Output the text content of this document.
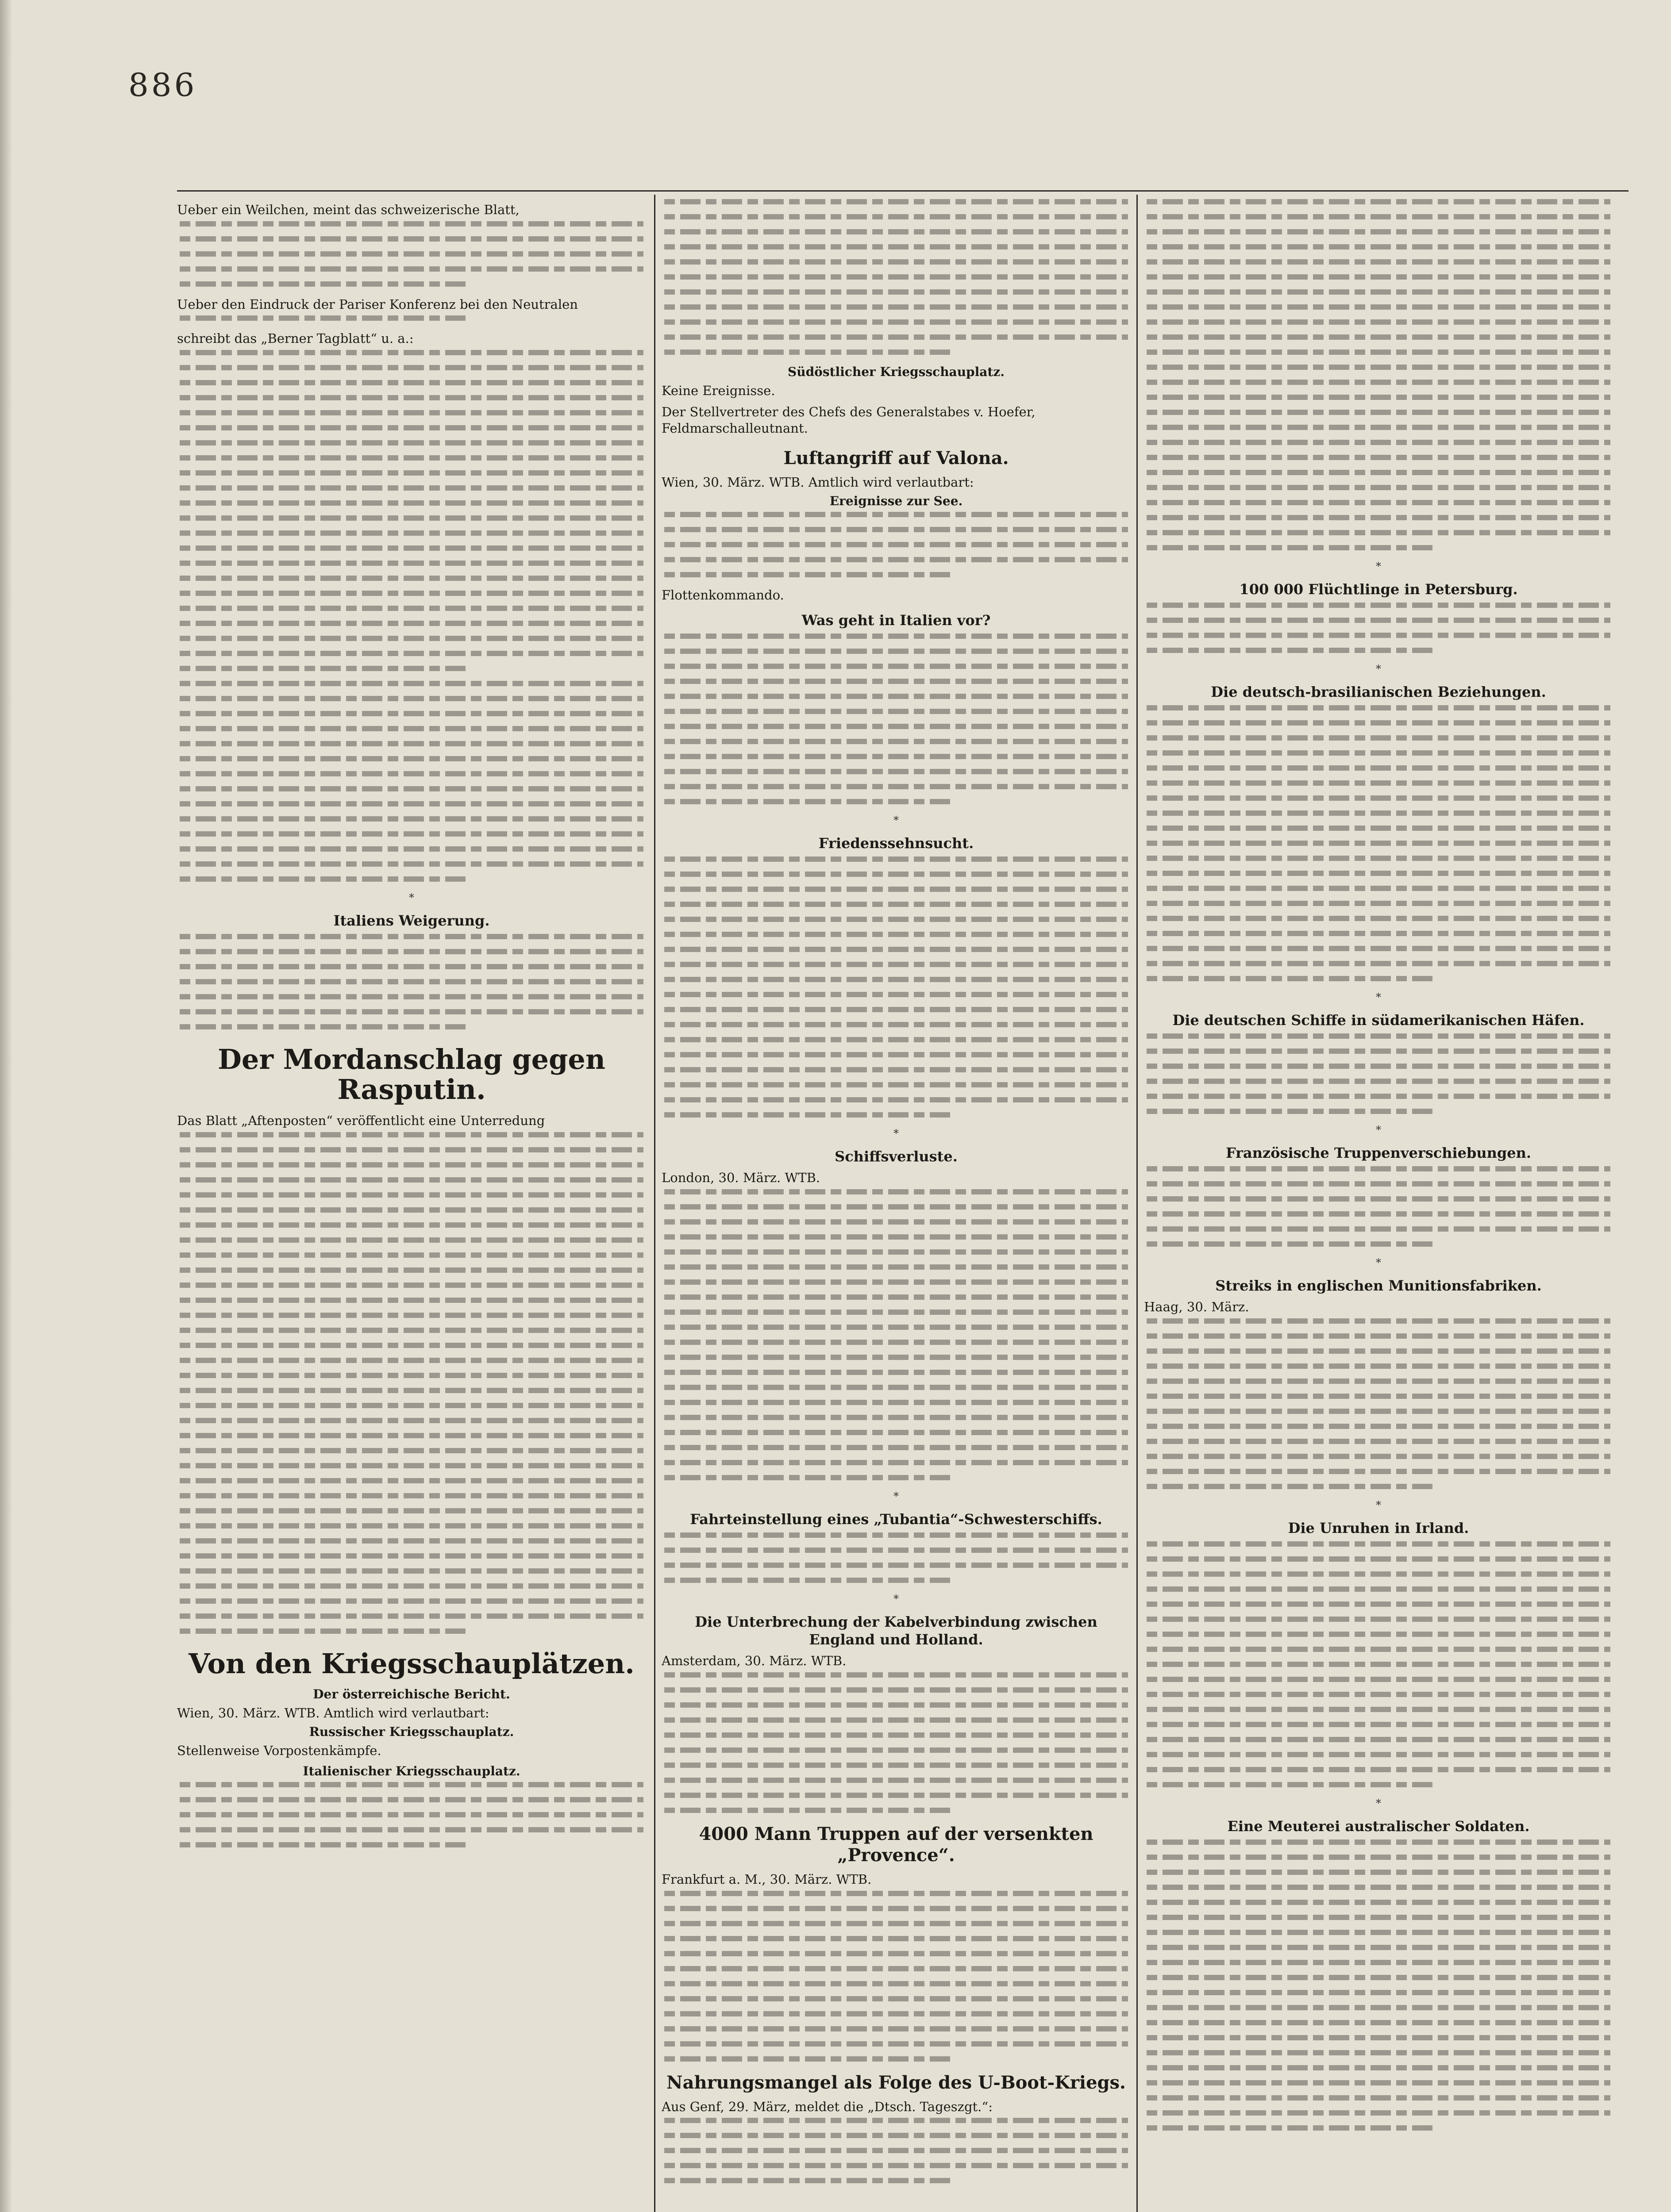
886
Ueber ein Weilchen, meint das schweizerische Blatt,
Ueber den Eindruck der Pariser Konferenz bei den Neutralen
schreibt das „Berner Tagblatt“ u. a.:
*
Italiens Weigerung.
Der Mordanschlag gegen Rasputin.
Das Blatt „Aftenposten“ veröffentlicht eine Unterredung
Von den Kriegsschauplätzen.
Der österreichische Bericht.
Wien, 30. März. WTB. Amtlich wird verlautbart:
Russischer Kriegsschauplatz.
Stellenweise Vorpostenkämpfe.
Italienischer Kriegsschauplatz.
Südöstlicher Kriegsschauplatz.
Keine Ereignisse.
Der Stellvertreter des Chefs des Generalstabes v. Hoefer, Feldmarschalleutnant.
Luftangriff auf Valona.
Wien, 30. März. WTB. Amtlich wird verlautbart:
Ereignisse zur See.
Flottenkommando.
Was geht in Italien vor?
*
Friedenssehnsucht.
*
Schiffsverluste.
London, 30. März. WTB.
*
Fahrteinstellung eines „Tubantia“-Schwesterschiffs.
*
Die Unterbrechung der Kabelverbindung zwischen England und Holland.
Amsterdam, 30. März. WTB.
4000 Mann Truppen auf der versenkten „Provence“.
Frankfurt a. M., 30. März. WTB.
Nahrungsmangel als Folge des U-Boot-Kriegs.
Aus Genf, 29. März, meldet die „Dtsch. Tageszgt.“:
*
100 000 Flüchtlinge in Petersburg.
*
Die deutsch-brasilianischen Beziehungen.
*
Die deutschen Schiffe in südamerikanischen Häfen.
*
Französische Truppenverschiebungen.
*
Streiks in englischen Munitionsfabriken.
Haag, 30. März.
*
Die Unruhen in Irland.
*
Eine Meuterei australischer Soldaten.
